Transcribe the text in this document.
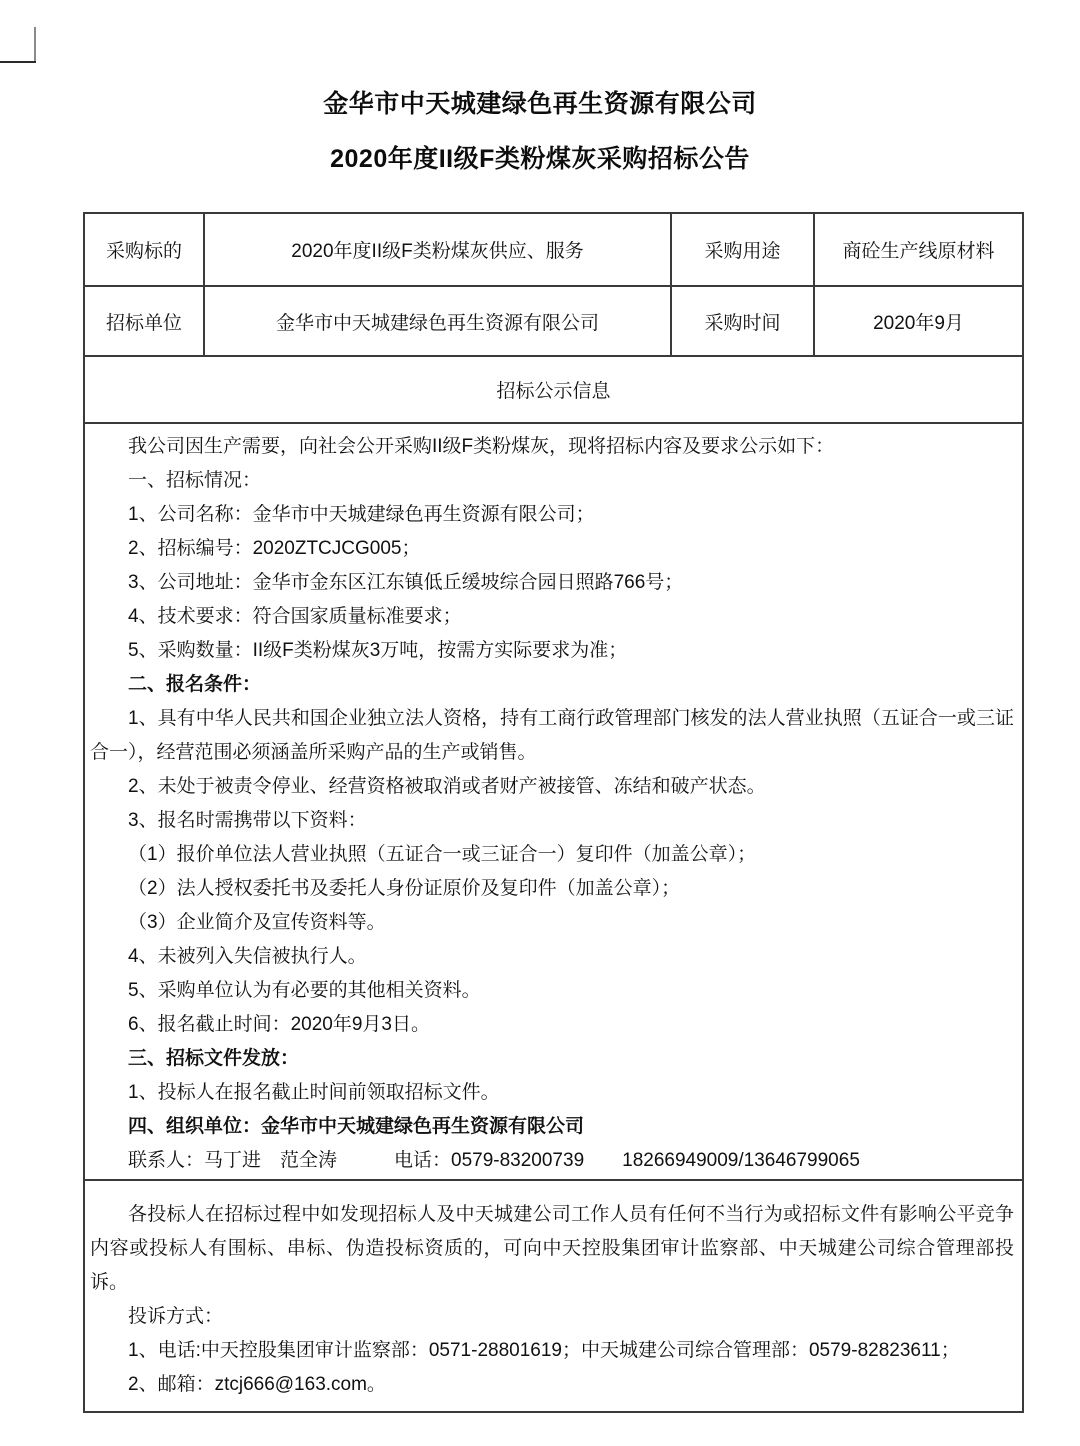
金华市中天城建绿色再生资源有限公司
2020年度II级F类粉煤灰采购招标公告
采购标的	2020年度II级F类粉煤灰供应、服务	采购用途	商砼生产线原材料
招标单位	金华市中天城建绿色再生资源有限公司	采购时间	2020年9月
招标公示信息			

我公司因生产需要，向社会公开采购II级F类粉煤灰，现将招标内容及要求公示如下：

一、招标情况：

1、公司名称：金华市中天城建绿色再生资源有限公司；

2、招标编号：2020ZTCJCG005；

3、公司地址：金华市金东区江东镇低丘缓坡综合园日照路766号；

4、技术要求：符合国家质量标准要求；

5、采购数量：II级F类粉煤灰3万吨，按需方实际要求为准；

二、报名条件：

1、具有中华人民共和国企业独立法人资格，持有工商行政管理部门核发的法人营业执照（五证合一或三证合一），经营范围必须涵盖所采购产品的生产或销售。

2、未处于被责令停业、经营资格被取消或者财产被接管、冻结和破产状态。

3、报名时需携带以下资料：

（1）报价单位法人营业执照（五证合一或三证合一）复印件（加盖公章）；

（2）法人授权委托书及委托人身份证原价及复印件（加盖公章）；

（3）企业简介及宣传资料等。

4、未被列入失信被执行人。

5、采购单位认为有必要的其他相关资料。

6、报名截止时间：2020年9月3日。

三、招标文件发放：

1、投标人在报名截止时间前领取招标文件。

四、组织单位：金华市中天城建绿色再生资源有限公司

联系人：马丁进　范全涛　　　电话：0579-83200739　　18266949009/13646799065

各投标人在招标过程中如发现招标人及中天城建公司工作人员有任何不当行为或招标文件有影响公平竞争内容或投标人有围标、串标、伪造投标资质的，可向中天控股集团审计监察部、中天城建公司综合管理部投诉。

投诉方式：

1、电话:中天控股集团审计监察部：0571-28801619；中天城建公司综合管理部：0579-82823611；

2、邮箱：ztcj666@163.com。			
